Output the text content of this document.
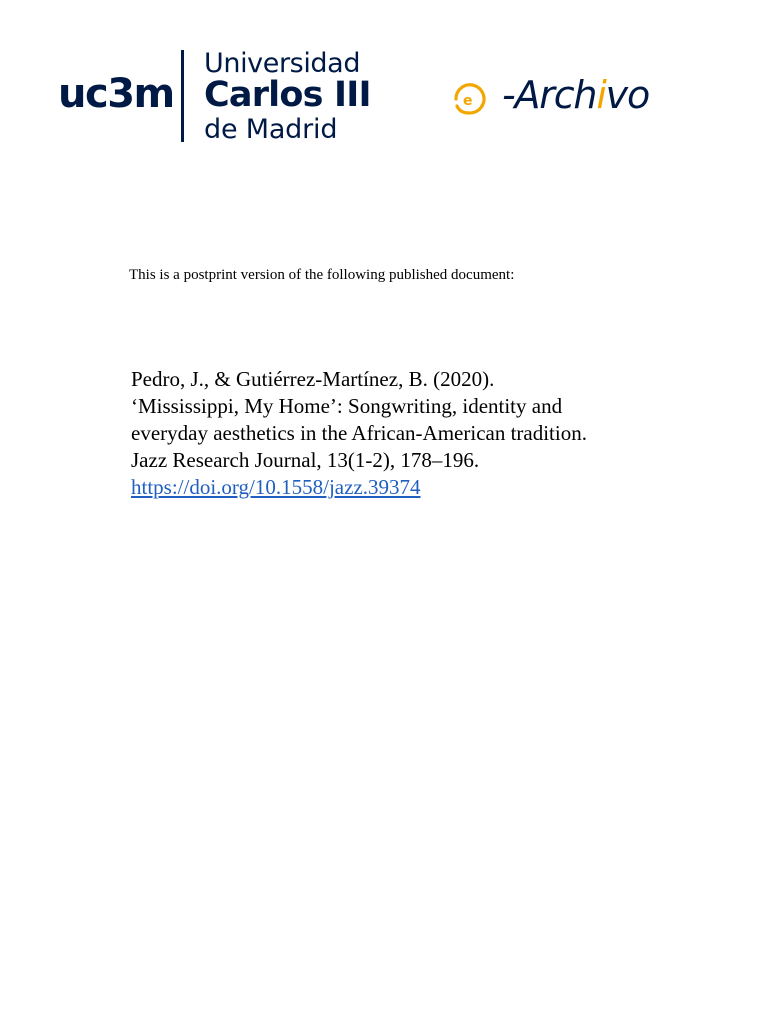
uc3m
Universidad
Carlos III
de Madrid
e -Archivo
This is a postprint version of the following published document:
Pedro, J., & Gutiérrez-Martínez, B. (2020).
‘Mississippi, My Home’: Songwriting, identity and
everyday aesthetics in the African-American tradition.
Jazz Research Journal, 13(1-2), 178–196.
https://doi.org/10.1558/jazz.39374
